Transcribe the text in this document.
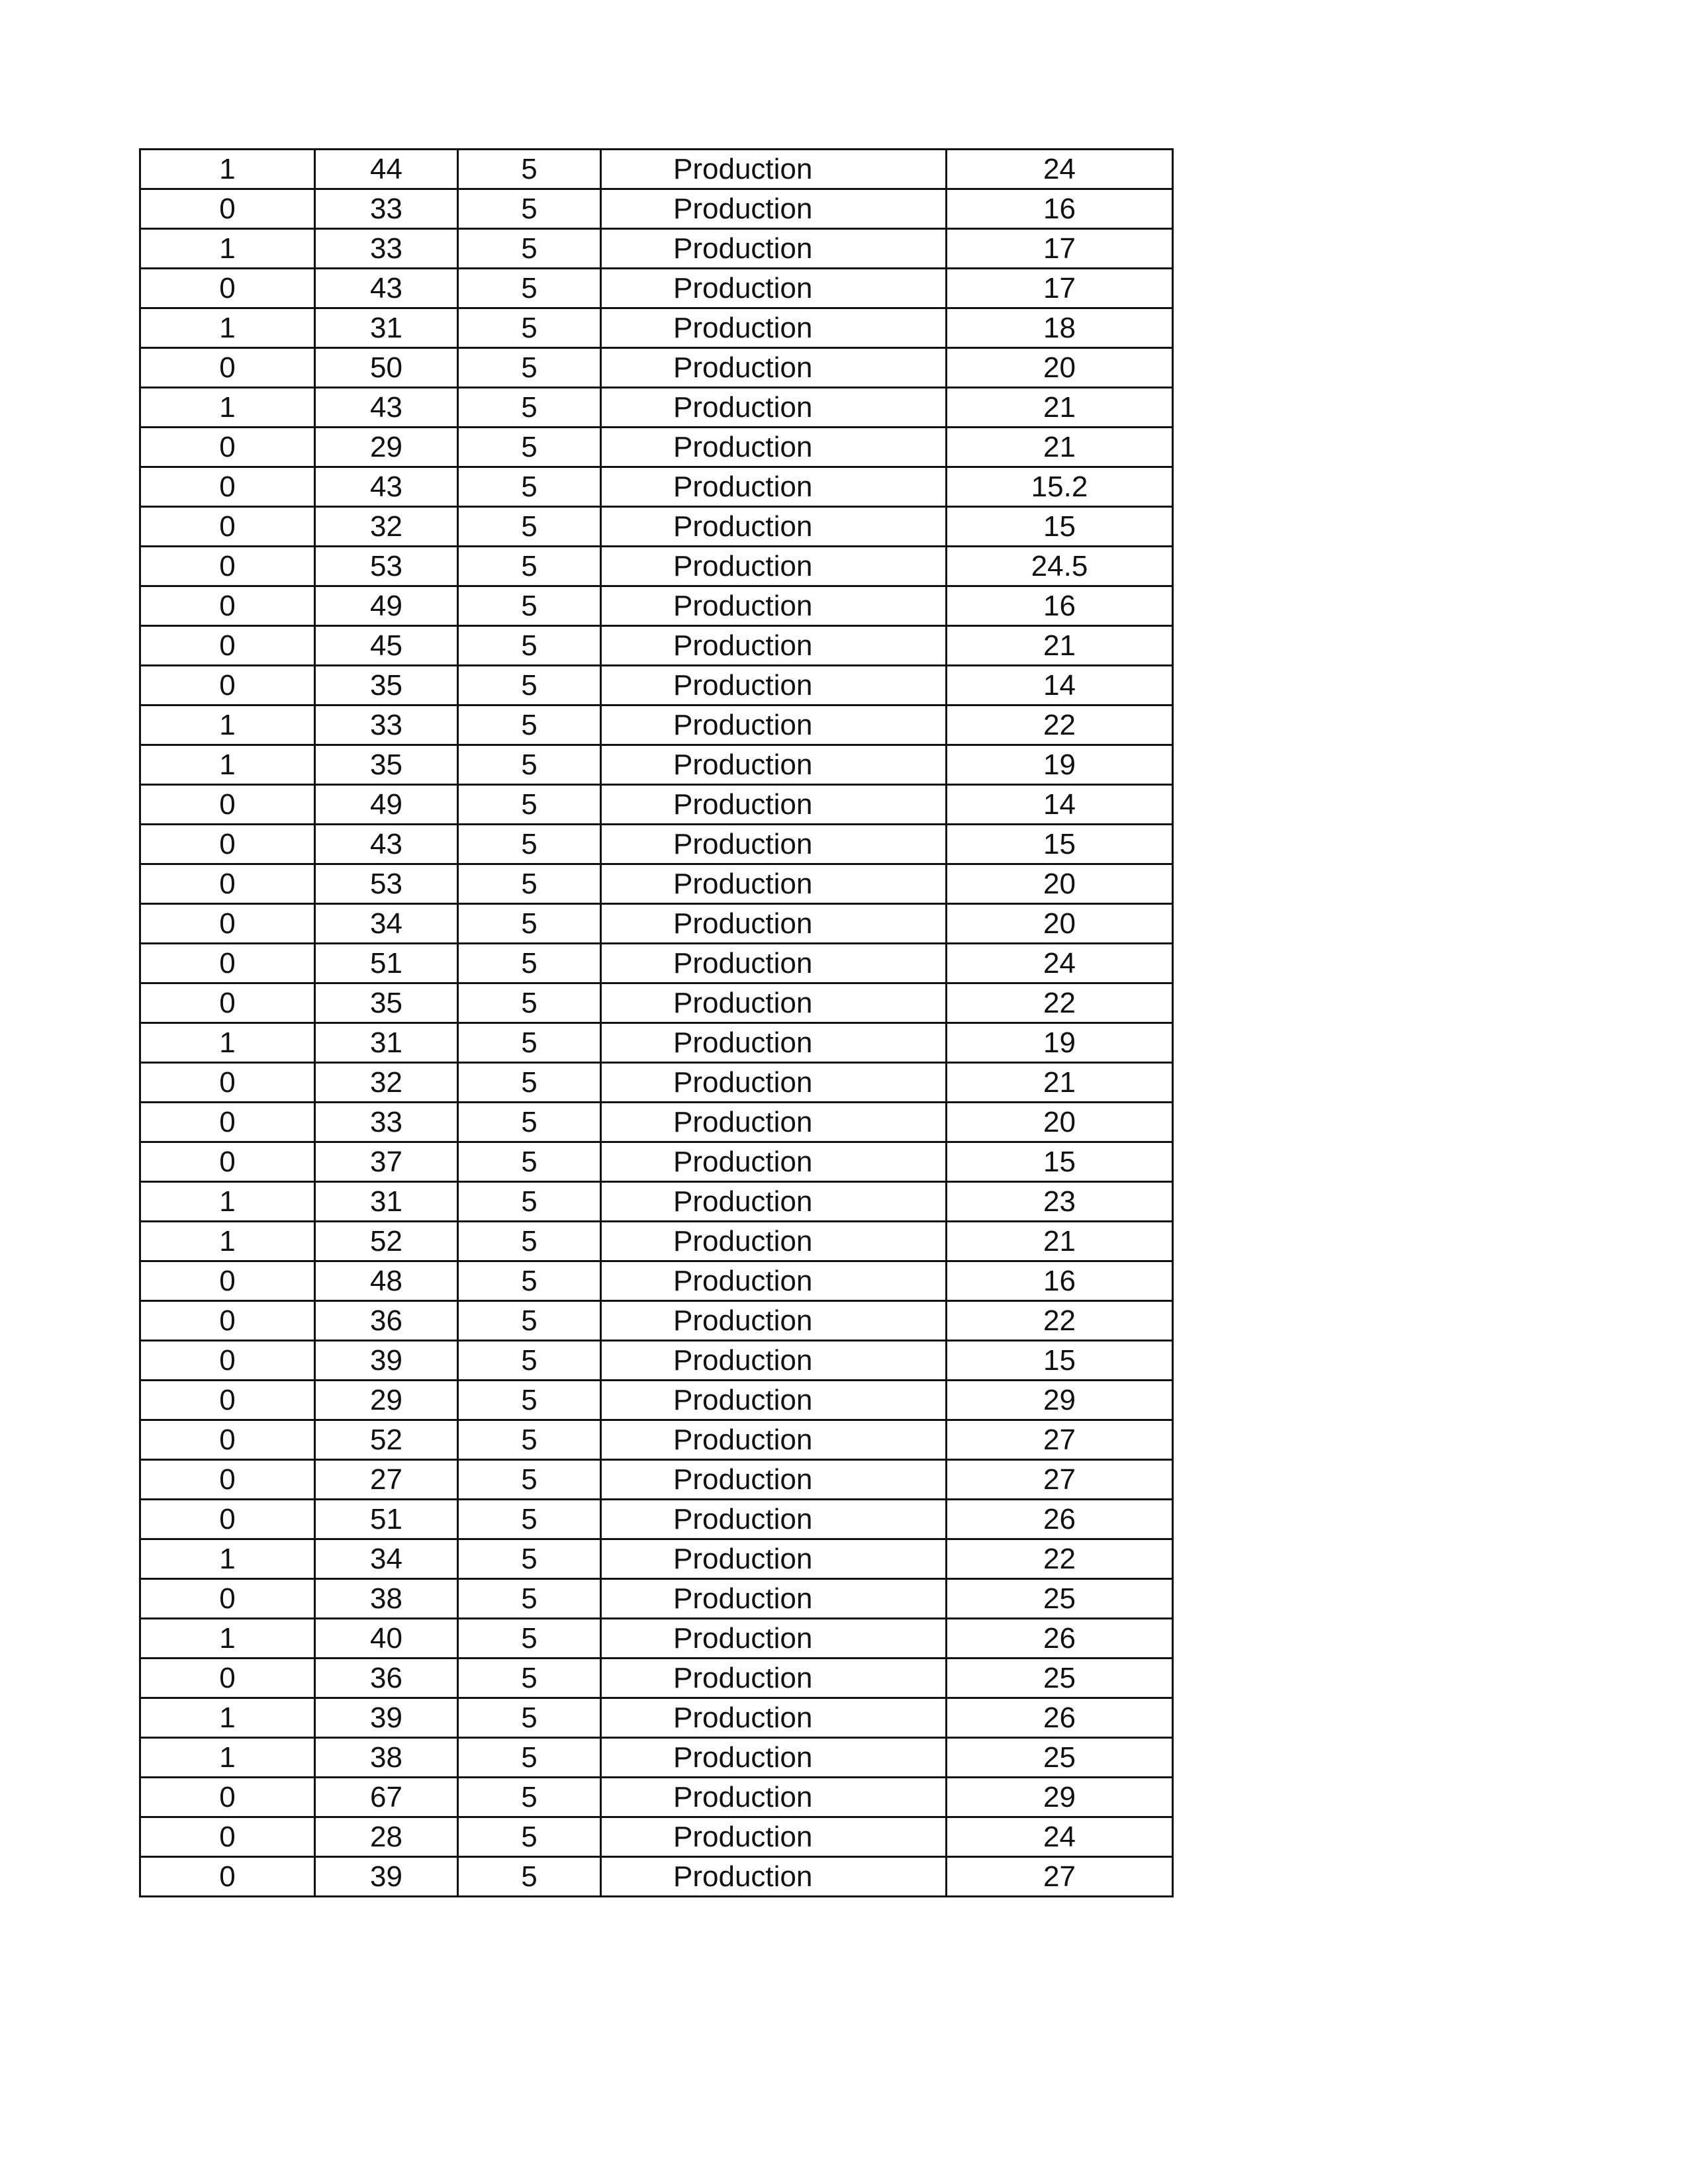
1	44	5	Production	24
0	33	5	Production	16
1	33	5	Production	17
0	43	5	Production	17
1	31	5	Production	18
0	50	5	Production	20
1	43	5	Production	21
0	29	5	Production	21
0	43	5	Production	15.2
0	32	5	Production	15
0	53	5	Production	24.5
0	49	5	Production	16
0	45	5	Production	21
0	35	5	Production	14
1	33	5	Production	22
1	35	5	Production	19
0	49	5	Production	14
0	43	5	Production	15
0	53	5	Production	20
0	34	5	Production	20
0	51	5	Production	24
0	35	5	Production	22
1	31	5	Production	19
0	32	5	Production	21
0	33	5	Production	20
0	37	5	Production	15
1	31	5	Production	23
1	52	5	Production	21
0	48	5	Production	16
0	36	5	Production	22
0	39	5	Production	15
0	29	5	Production	29
0	52	5	Production	27
0	27	5	Production	27
0	51	5	Production	26
1	34	5	Production	22
0	38	5	Production	25
1	40	5	Production	26
0	36	5	Production	25
1	39	5	Production	26
1	38	5	Production	25
0	67	5	Production	29
0	28	5	Production	24
0	39	5	Production	27
